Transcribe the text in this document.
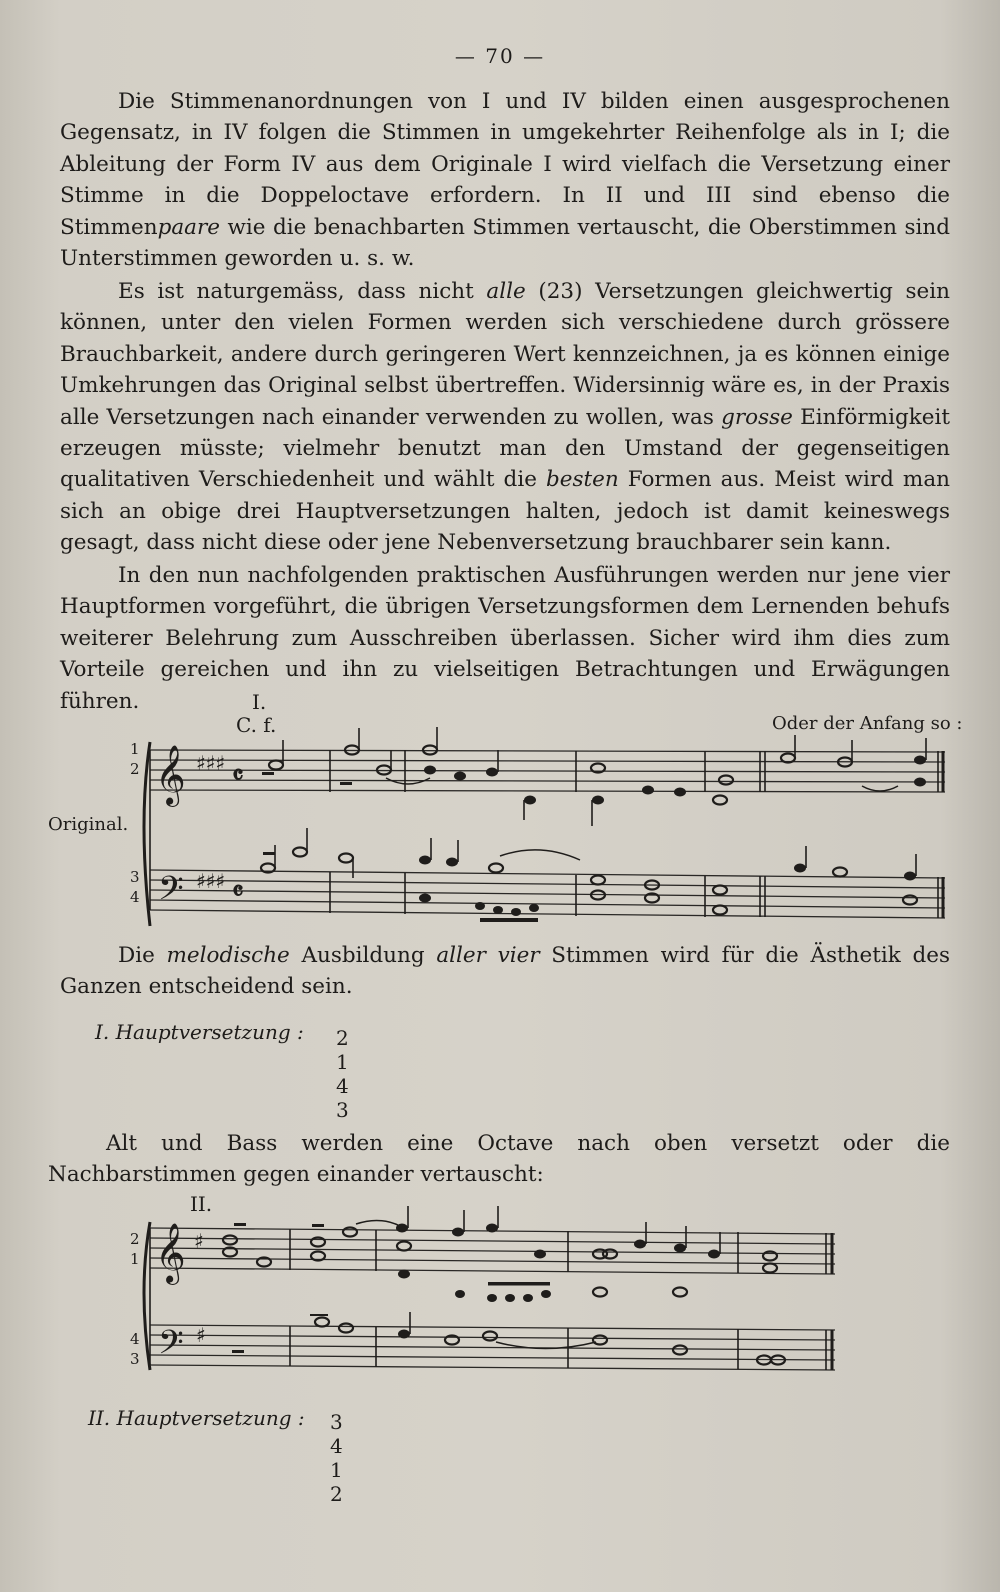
— 70 —

Die Stimmenanordnungen von I und IV bilden einen ausgesprochenen Gegensatz, in IV folgen die Stimmen in umgekehrter Reihenfolge als in I; die Ableitung der Form IV aus dem Originale I wird vielfach die Versetzung einer Stimme in die Doppeloctave erfordern. In II und III sind ebenso die Stimmenpaare wie die benachbarten Stimmen vertauscht, die Oberstimmen sind Unterstimmen geworden u. s. w.

Es ist naturgemäss, dass nicht alle (23) Versetzungen gleichwertig sein können, unter den vielen Formen werden sich verschiedene durch grössere Brauchbarkeit, andere durch geringeren Wert kennzeichnen, ja es können einige Umkehrungen das Original selbst übertreffen. Widersinnig wäre es, in der Praxis alle Versetzungen nach einander verwenden zu wollen, was grosse Einförmigkeit erzeugen müsste; vielmehr benutzt man den Umstand der gegenseitigen qualitativen Verschiedenheit und wählt die besten Formen aus. Meist wird man sich an obige drei Hauptversetzungen halten, jedoch ist damit keineswegs gesagt, dass nicht diese oder jene Nebenversetzung brauchbarer sein kann.

In den nun nachfolgenden praktischen Ausführungen werden nur jene vier Hauptformen vorgeführt, die übrigen Versetzungsformen dem Lernenden behufs weiterer Belehrung zum Ausschreiben überlassen. Sicher wird ihm dies zum Vorteile gereichen und ihn zu vielseitigen Betrachtungen und Erwägungen führen.	I.
C. f.	Oder der Anfang so :
Original.
1
2
3
4
𝄞
𝄢
♯♯♯
♯♯♯
𝄴
𝄴

Die melodische Ausbildung aller vier Stimmen wird für die Ästhetik des Ganzen entscheidend sein.

I. Hauptversetzung : 2
1
4
3

Alt und Bass werden eine Octave nach oben versetzt oder die Nachbarstimmen gegen einander vertauscht:

II.
2
1
4
3
𝄞
𝄢
♯
♯
II. Hauptversetzung : 3
4
1
2
